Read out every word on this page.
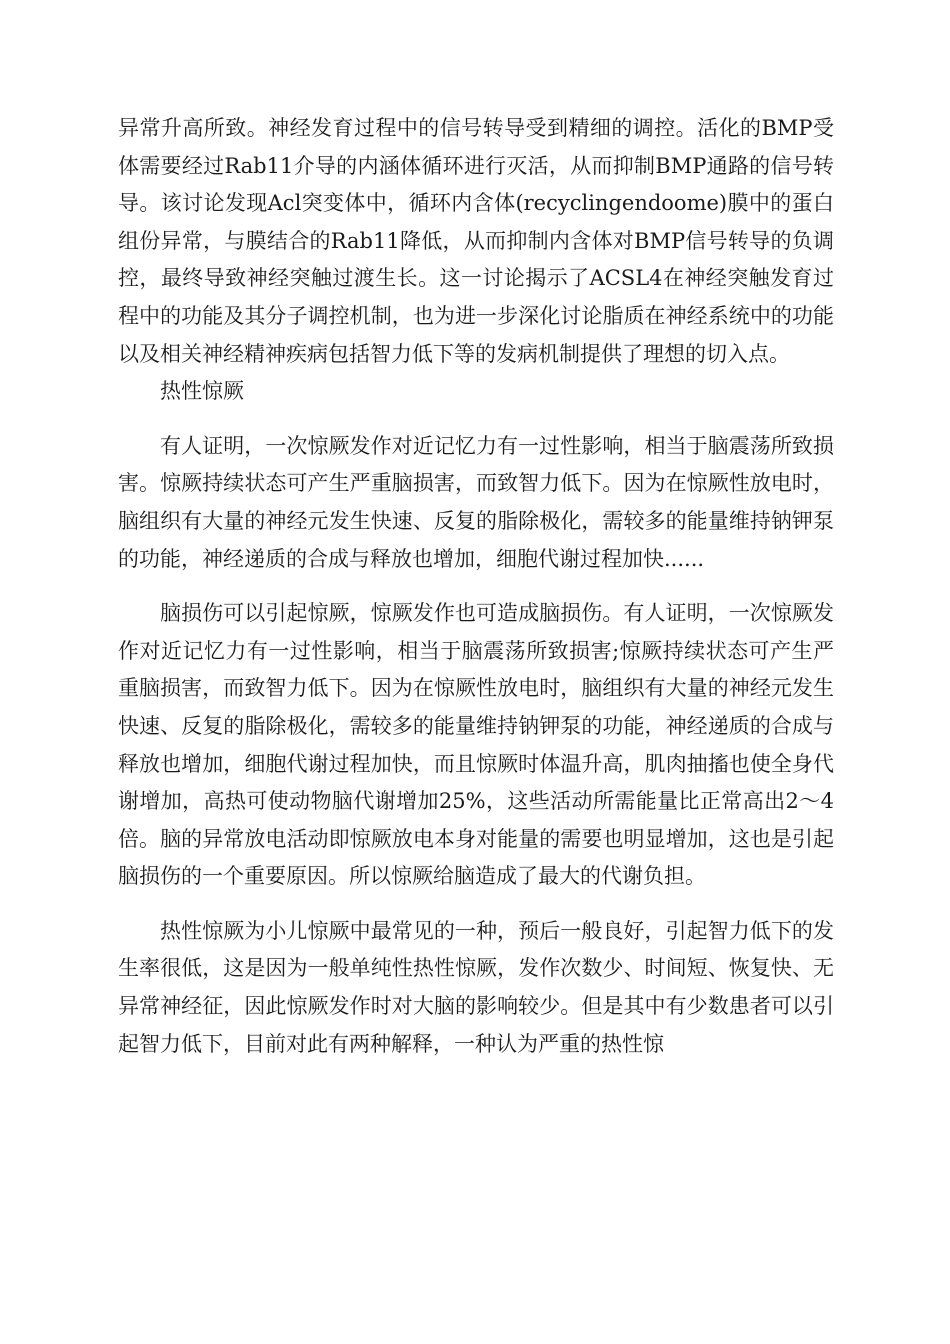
异常升高所致。神经发育过程中的信号转导受到精细的调控。活化的BMP受体需要经过Rab11介导的内涵体循环进行灭活，从而抑制BMP通路的信号转导。该讨论发现Acl突变体中，循环内含体(recyclingendoome)膜中的蛋白组份异常，与膜结合的Rab11降低，从而抑制内含体对BMP信号转导的负调控，最终导致神经突触过渡生长。这一讨论揭示了ACSL4在神经突触发育过程中的功能及其分子调控机制，也为进一步深化讨论脂质在神经系统中的功能以及相关神经精神疾病包括智力低下等的发病机制提供了理想的切入点。

热性惊厥

有人证明，一次惊厥发作对近记忆力有一过性影响，相当于脑震荡所致损害。惊厥持续状态可产生严重脑损害，而致智力低下。因为在惊厥性放电时，脑组织有大量的神经元发生快速、反复的脂除极化，需较多的能量维持钠钾泵的功能，神经递质的合成与释放也增加，细胞代谢过程加快......

脑损伤可以引起惊厥，惊厥发作也可造成脑损伤。有人证明，一次惊厥发作对近记忆力有一过性影响，相当于脑震荡所致损害;惊厥持续状态可产生严重脑损害，而致智力低下。因为在惊厥性放电时，脑组织有大量的神经元发生快速、反复的脂除极化，需较多的能量维持钠钾泵的功能，神经递质的合成与释放也增加，细胞代谢过程加快，而且惊厥时体温升高，肌肉抽搐也使全身代谢增加，高热可使动物脑代谢增加25%，这些活动所需能量比正常高出2～4倍。脑的异常放电活动即惊厥放电本身对能量的需要也明显增加，这也是引起脑损伤的一个重要原因。所以惊厥给脑造成了最大的代谢负担。

热性惊厥为小儿惊厥中最常见的一种，预后一般良好，引起智力低下的发生率很低，这是因为一般单纯性热性惊厥，发作次数少、时间短、恢复快、无异常神经征，因此惊厥发作时对大脑的影响较少。但是其中有少数患者可以引起智力低下，目前对此有两种解释，一种认为严重的热性惊
